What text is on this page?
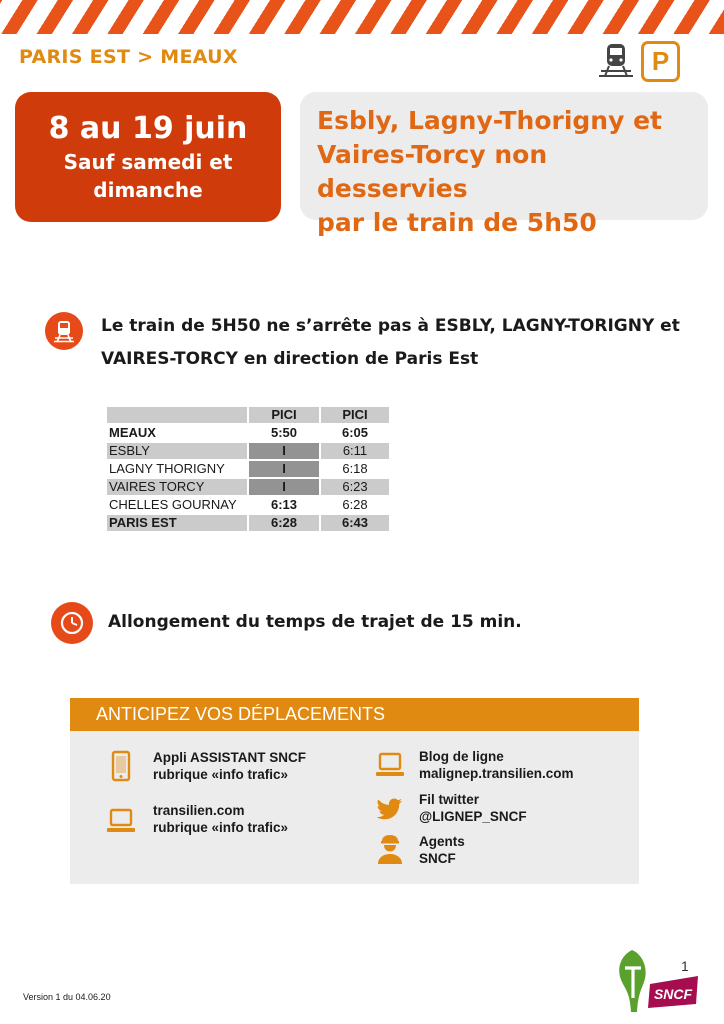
PARIS EST > MEAUX	P
8 au 19 juin
Sauf samedi et
dimanche
Esbly, Lagny-Thorigny et
Vaires-Torcy non desservies
par le train de 5h50
Le train de 5H50 ne s’arrête pas à ESBLY, LAGNY-TORIGNY et
VAIRES-TORCY en direction de Paris Est
	PICI	PICI
MEAUX	5:50	6:05
ESBLY	I	6:11
LAGNY THORIGNY	I	6:18
VAIRES TORCY	I	6:23
CHELLES GOURNAY	6:13	6:28
PARIS EST	6:28	6:43
Allongement du temps de trajet de 15 min.
ANTICIPEZ VOS DÉPLACEMENTS
Appli ASSISTANT SNCF
rubrique «info trafic»
transilien.com
rubrique «info trafic»
Blog de ligne
malignep.transilien.com
Fil twitter
@LIGNEP_SNCF
Agents
SNCF
Version 1 du 04.06.20
1
SNCF
